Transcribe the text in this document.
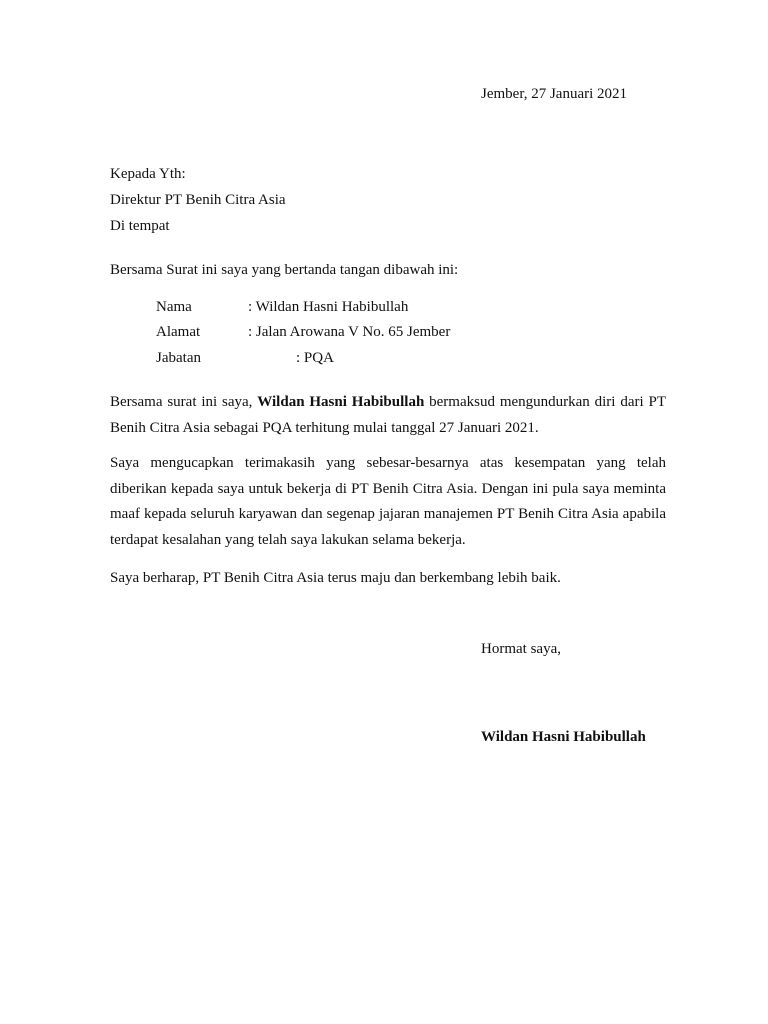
Jember, 27 Januari 2021
Kepada Yth:
Direktur PT Benih Citra Asia
Di tempat
Bersama Surat ini saya yang bertanda tangan dibawah ini:
Nama	: Wildan Hasni Habibullah
Alamat	: Jalan Arowana V No. 65 Jember
Jabatan	: PQA
Bersama surat ini saya, Wildan Hasni Habibullah bermaksud mengundurkan diri dari PT Benih Citra Asia sebagai PQA terhitung mulai tanggal 27 Januari 2021.
Saya mengucapkan terimakasih yang sebesar-besarnya atas kesempatan yang telah diberikan kepada saya untuk bekerja di PT Benih Citra Asia. Dengan ini pula saya meminta maaf kepada seluruh karyawan dan segenap jajaran manajemen PT Benih Citra Asia apabila terdapat kesalahan yang telah saya lakukan selama bekerja.
Saya berharap, PT Benih Citra Asia terus maju dan berkembang lebih baik.
Hormat saya,
Wildan Hasni Habibullah
